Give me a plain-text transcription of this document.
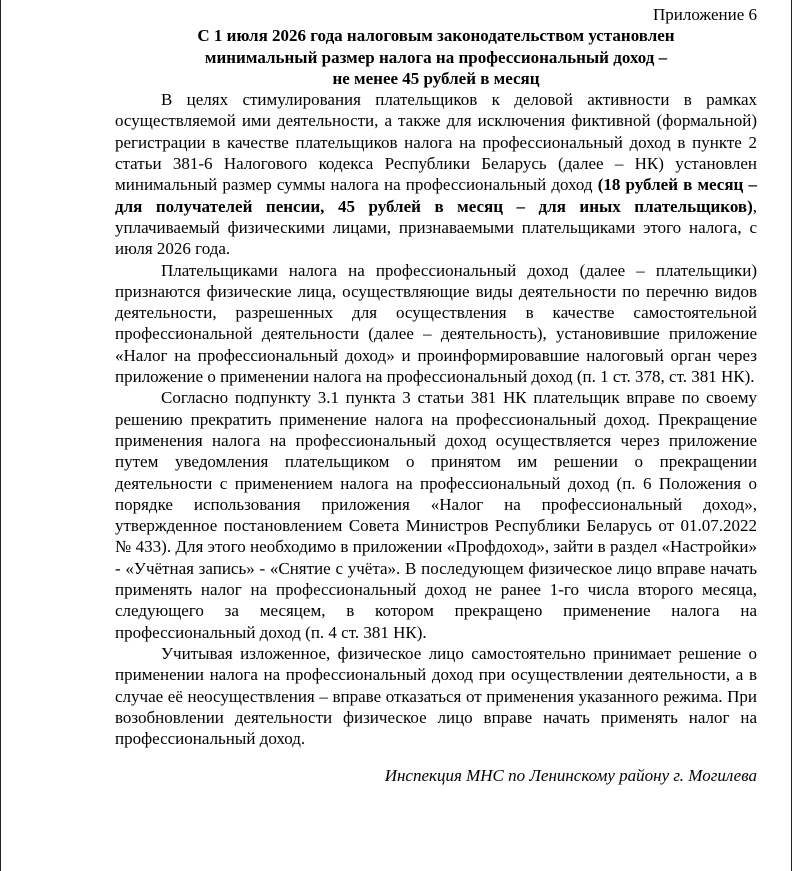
Приложение 6

С 1 июля 2026 года налоговым законодательством установлен
минимальный размер налога на профессиональный доход –
не менее 45 рублей в месяц

В целях стимулирования плательщиков к деловой активности в рамках осуществляемой ими деятельности, а также для исключения фиктивной (формальной) регистрации в качестве плательщиков налога на профессиональный доход в пункте 2 статьи 381-6 Налогового кодекса Республики Беларусь (далее – НК) установлен минимальный размер суммы налога на профессиональный доход (18 рублей в месяц – для получателей пенсии, 45 рублей в месяц – для иных плательщиков), уплачиваемый физическими лицами, признаваемыми плательщиками этого налога, с июля 2026 года.

Плательщиками налога на профессиональный доход (далее – плательщики) признаются физические лица, осуществляющие виды деятельности по перечню видов деятельности, разрешенных для осуществления в качестве самостоятельной профессиональной деятельности (далее – деятельность), установившие приложение «Налог на профессиональный доход» и проинформировавшие налоговый орган через приложение о применении налога на профессиональный доход (п. 1 ст. 378, ст. 381 НК).

Согласно подпункту 3.1 пункта 3 статьи 381 НК плательщик вправе по своему решению прекратить применение налога на профессиональный доход. Прекращение применения налога на профессиональный доход осуществляется через приложение путем уведомления плательщиком о принятом им решении о прекращении деятельности с применением налога на профессиональный доход (п. 6 Положения о порядке использования приложения «Налог на профессиональный доход», утвержденное постановлением Совета Министров Республики Беларусь от 01.07.2022 № 433). Для этого необходимо в приложении «Профдоход», зайти в раздел «Настройки» - «Учётная запись» - «Снятие с учёта». В последующем физическое лицо вправе начать применять налог на профессиональный доход не ранее 1-го числа второго месяца, следующего за месяцем, в котором прекращено применение налога на профессиональный доход (п. 4 ст. 381 НК).

Учитывая изложенное, физическое лицо самостоятельно принимает решение о применении налога на профессиональный доход при осуществлении деятельности, а в случае её неосуществления – вправе отказаться от применения указанного режима. При возобновлении деятельности физическое лицо вправе начать применять налог на профессиональный доход.

Инспекция МНС по Ленинскому району г. Могилева
